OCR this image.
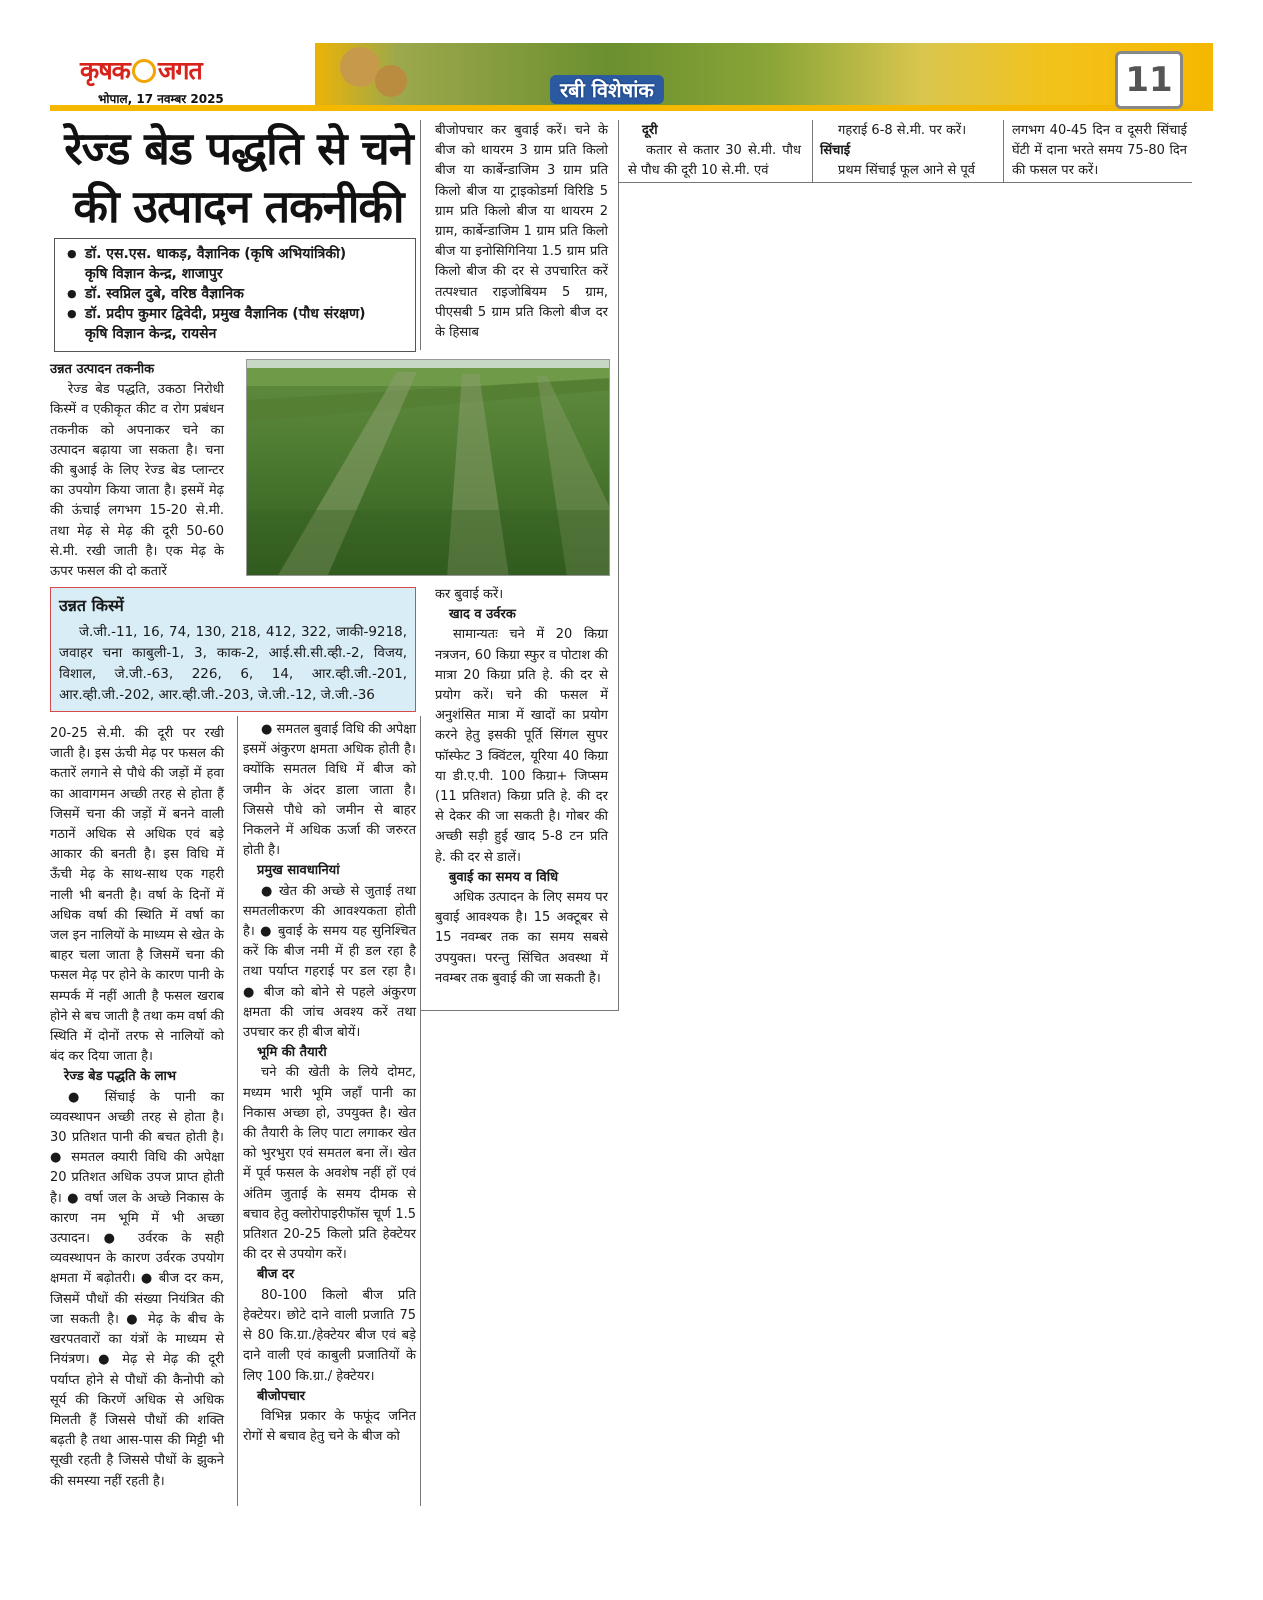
कृषक जगत
भोपाल, 17 नवम्बर 2025	रबी विशेषांक	11
रेज्ड बेड पद्धति से चने
की उत्पादन तकनीकी
● डॉ. एस.एस. धाकड़, वैज्ञानिक (कृषि अभियांत्रिकी)
कृषि विज्ञान केन्द्र, शाजापुर
● डॉ. स्वप्निल दुबे, वरिष्ठ वैज्ञानिक
● डॉ. प्रदीप कुमार द्विवेदी, प्रमुख वैज्ञानिक (पौध संरक्षण)
कृषि विज्ञान केन्द्र, रायसेन

उन्नत उत्पादन तकनीक

रेज्ड बेड पद्धति, उकठा निरोधी किस्में व एकीकृत कीट व रोग प्रबंधन तकनीक को अपनाकर चने का उत्पादन बढ़ाया जा सकता है। चना की बुआई के लिए रेज्ड बेड प्लान्टर का उपयोग किया जाता है। इसमें मेढ़ की ऊंचाई लगभग 15-20 से.मी. तथा मेढ़ से मेढ़ की दूरी 50-60 से.मी. रखी जाती है। एक मेढ़ के ऊपर फसल की दो कतारें

उन्नत किस्में
जे.जी.-11, 16, 74, 130, 218, 412, 322, जाकी-9218, जवाहर चना काबुली-1, 3, काक-2, आई.सी.सी.व्ही.-2, विजय, विशाल, जे.जी.-63, 226, 6, 14, आर.व्ही.जी.-201, आर.व्ही.जी.-202, आर.व्ही.जी.-203, जे.जी.-12, जे.जी.-36

20-25 से.मी. की दूरी पर रखी जाती है। इस ऊंची मेढ़ पर फसल की कतारें लगाने से पौधे की जड़ों में हवा का आवागमन अच्छी तरह से होता हैं जिसमें चना की जड़ों में बनने वाली गठानें अधिक से अधिक एवं बड़े आकार की बनती है। इस विधि में ऊँची मेढ़ के साथ-साथ एक गहरी नाली भी बनती है। वर्षा के दिनों में अधिक वर्षा की स्थिति में वर्षा का जल इन नालियों के माध्यम से खेत के बाहर चला जाता है जिसमें चना की फसल मेढ़ पर होने के कारण पानी के सम्पर्क में नहीं आती है फसल खराब होने से बच जाती है तथा कम वर्षा की स्थिति में दोनों तरफ से नालियों को बंद कर दिया जाता है।

रेज्ड बेड पद्धति के लाभ

● सिंचाई के पानी का व्यवस्थापन अच्छी तरह से होता है। 30 प्रतिशत पानी की बचत होती है। ● समतल क्यारी विधि की अपेक्षा 20 प्रतिशत अधिक उपज प्राप्त होती है। ● वर्षा जल के अच्छे निकास के कारण नम भूमि में भी अच्छा उत्पादन। ● उर्वरक के सही व्यवस्थापन के कारण उर्वरक उपयोग क्षमता में बढ़ोतरी। ● बीज दर कम, जिसमें पौधों की संख्या नियंत्रित की जा सकती है। ● मेढ़ के बीच के खरपतवारों का यंत्रों के माध्यम से नियंत्रण। ● मेढ़ से मेढ़ की दूरी पर्याप्त होने से पौधों की कैनोपी को सूर्य की किरणें अधिक से अधिक मिलती हैं जिससे पौधों की शक्ति बढ़ती है तथा आस-पास की मिट्टी भी सूखी रहती है जिससे पौधों के झुकने की समस्या नहीं रहती है।

● समतल बुवाई विधि की अपेक्षा इसमें अंकुरण क्षमता अधिक होती है। क्योंकि समतल विधि में बीज को जमीन के अंदर डाला जाता है। जिससे पौधे को जमीन से बाहर निकलने में अधिक ऊर्जा की जरुरत होती है।

प्रमुख सावधानियां

● खेत की अच्छे से जुताई तथा समतलीकरण की आवश्यकता होती है। ● बुवाई के समय यह सुनिश्चित करें कि बीज नमी में ही डल रहा है तथा पर्याप्त गहराई पर डल रहा है। ● बीज को बोने से पहले अंकुरण क्षमता की जांच अवश्य करें तथा उपचार कर ही बीज बोयें।

भूमि की तैयारी

चने की खेती के लिये दोमट, मध्यम भारी भूमि जहाँ पानी का निकास अच्छा हो, उपयुक्त है। खेत की तैयारी के लिए पाटा लगाकर खेत को भुरभुरा एवं समतल बना लें। खेत में पूर्व फसल के अवशेष नहीं हों एवं अंतिम जुताई के समय दीमक से बचाव हेतु क्लोरोपाइरीफॉस चूर्ण 1.5 प्रतिशत 20-25 किलो प्रति हेक्टेयर की दर से उपयोग करें।

बीज दर

80-100 किलो बीज प्रति हेक्टेयर। छोटे दाने वाली प्रजाति 75 से 80 कि.ग्रा./हेक्टेयर बीज एवं बड़े दाने वाली एवं काबुली प्रजातियों के लिए 100 कि.ग्रा./ हेक्टेयर।

बीजोपचार

विभिन्न प्रकार के फफूंद जनित रोगों से बचाव हेतु चने के बीज को

बीजोपचार कर बुवाई करें। चने के बीज को थायरम 3 ग्राम प्रति किलो बीज या कार्बेन्डाजिम 3 ग्राम प्रति किलो बीज या ट्राइकोडर्मा विरिडि 5 ग्राम प्रति किलो बीज या थायरम 2 ग्राम, कार्बेन्डाजिम 1 ग्राम प्रति किलो बीज या इनोसिगिनिया 1.5 ग्राम प्रति किलो बीज की दर से उपचारित करें तत्पश्चात राइजोबियम 5 ग्राम, पीएसबी 5 ग्राम प्रति किलो बीज दर के हिसाब

कर बुवाई करें।

खाद व उर्वरक

सामान्यतः चने में 20 किग्रा नत्रजन, 60 किग्रा स्फुर व पोटाश की मात्रा 20 किग्रा प्रति हे. की दर से प्रयोग करें। चने की फसल में अनुशंसित मात्रा में खादों का प्रयोग करने हेतु इसकी पूर्ति सिंगल सुपर फॉस्फेट 3 क्विंटल, यूरिया 40 किग्रा या डी.ए.पी. 100 किग्रा+ जिप्सम (11 प्रतिशत) किग्रा प्रति हे. की दर से देकर की जा सकती है। गोबर की अच्छी सड़ी हुई खाद 5-8 टन प्रति हे. की दर से डालें।

बुवाई का समय व विधि

अधिक उत्पादन के लिए समय पर बुवाई आवश्यक है। 15 अक्टूबर से 15 नवम्बर तक का समय सबसे उपयुक्त। परन्तु सिंचित अवस्था में नवम्बर तक बुवाई की जा सकती है।

दूरी

कतार से कतार 30 से.मी. पौध से पौध की दूरी 10 से.मी. एवं

गहराई 6-8 से.मी. पर करें।

सिंचाई

प्रथम सिंचाई फूल आने से पूर्व

लगभग 40-45 दिन व दूसरी सिंचाई घेंटी में दाना भरते समय 75-80 दिन की फसल पर करें।
